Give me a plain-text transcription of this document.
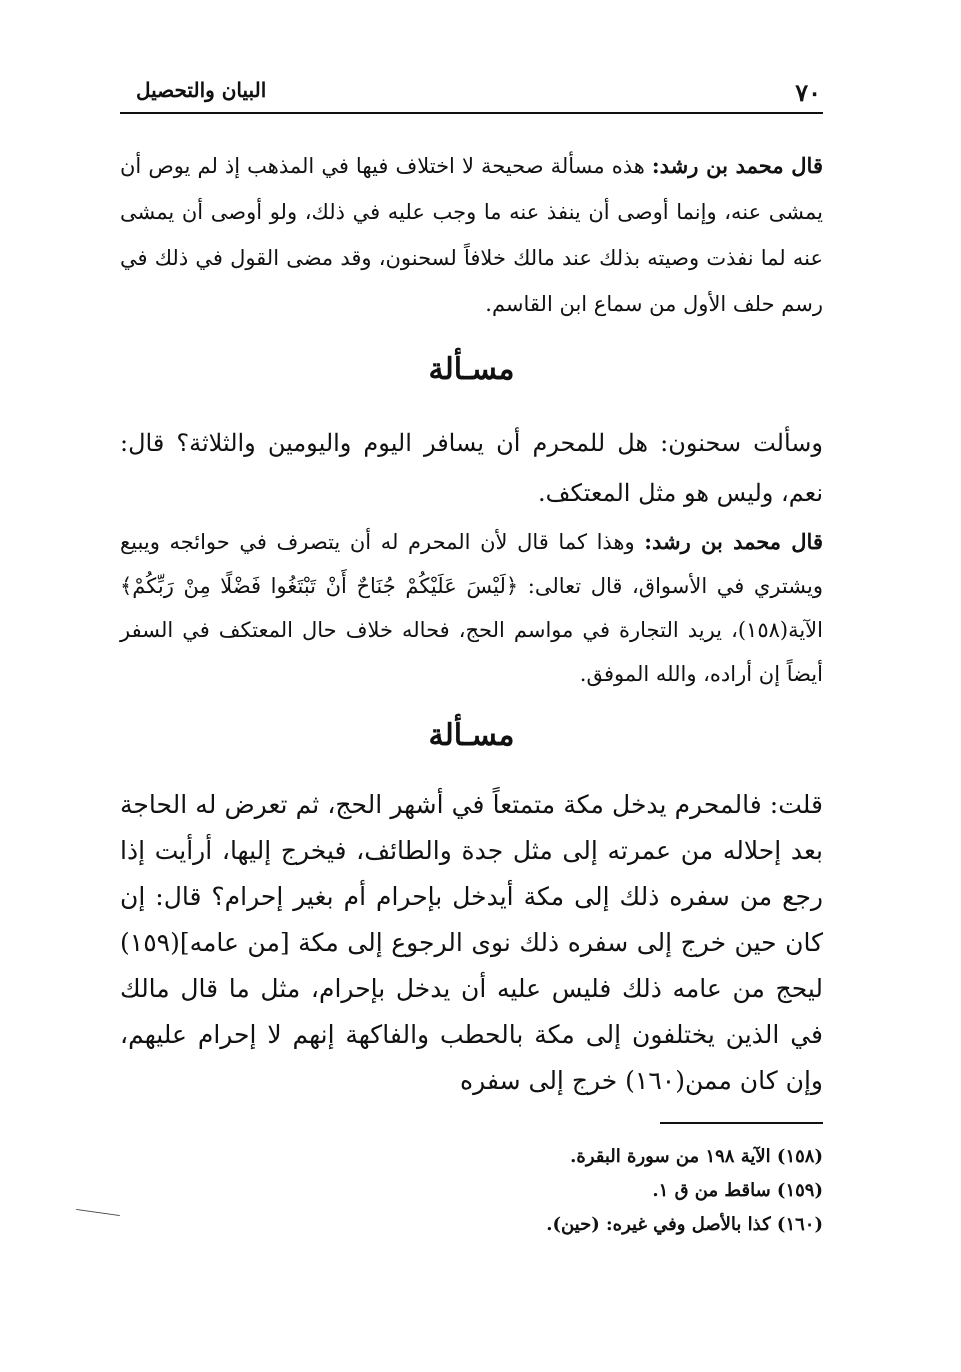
٧٠
البيان والتحصيل
قال محمد بن رشد: هذه مسألة صحيحة لا اختلاف فيها في المذهب إذ لم يوص أن يمشى عنه، وإنما أوصى أن ينفذ عنه ما وجب عليه في ذلك، ولو أوصى أن يمشى عنه لما نفذت وصيته بذلك عند مالك خلافاً لسحنون، وقد مضى القول في ذلك في رسم حلف الأول من سماع ابن القاسم.
مسـألة
وسألت سحنون: هل للمحرم أن يسافر اليوم واليومين والثلاثة؟ قال: نعم، وليس هو مثل المعتكف.
قال محمد بن رشد: وهذا كما قال لأن المحرم له أن يتصرف في حوائجه ويبيع ويشتري في الأسواق، قال تعالى: ﴿لَيْسَ عَلَيْكُمْ جُنَاحٌ أَنْ تَبْتَغُوا فَضْلًا مِنْ رَبِّكُمْ﴾ الآية(١٥٨)، يريد التجارة في مواسم الحج، فحاله خلاف حال المعتكف في السفر أيضاً إن أراده، والله الموفق.
مسـألة
قلت: فالمحرم يدخل مكة متمتعاً في أشهر الحج، ثم تعرض له الحاجة بعد إحلاله من عمرته إلى مثل جدة والطائف، فيخرج إليها، أرأيت إذا رجع من سفره ذلك إلى مكة أيدخل بإحرام أم بغير إحرام؟ قال: إن كان حين خرج إلى سفره ذلك نوى الرجوع إلى مكة [من عامه](١٥٩) ليحج من عامه ذلك فليس عليه أن يدخل بإحرام، مثل ما قال مالك في الذين يختلفون إلى مكة بالحطب والفاكهة إنهم لا إحرام عليهم، وإن كان ممن(١٦٠) خرج إلى سفره
(١٥٨) الآية ١٩٨ من سورة البقرة.
(١٥٩) ساقط من ق ١.
(١٦٠) كذا بالأصل وفي غيره: (حين).
